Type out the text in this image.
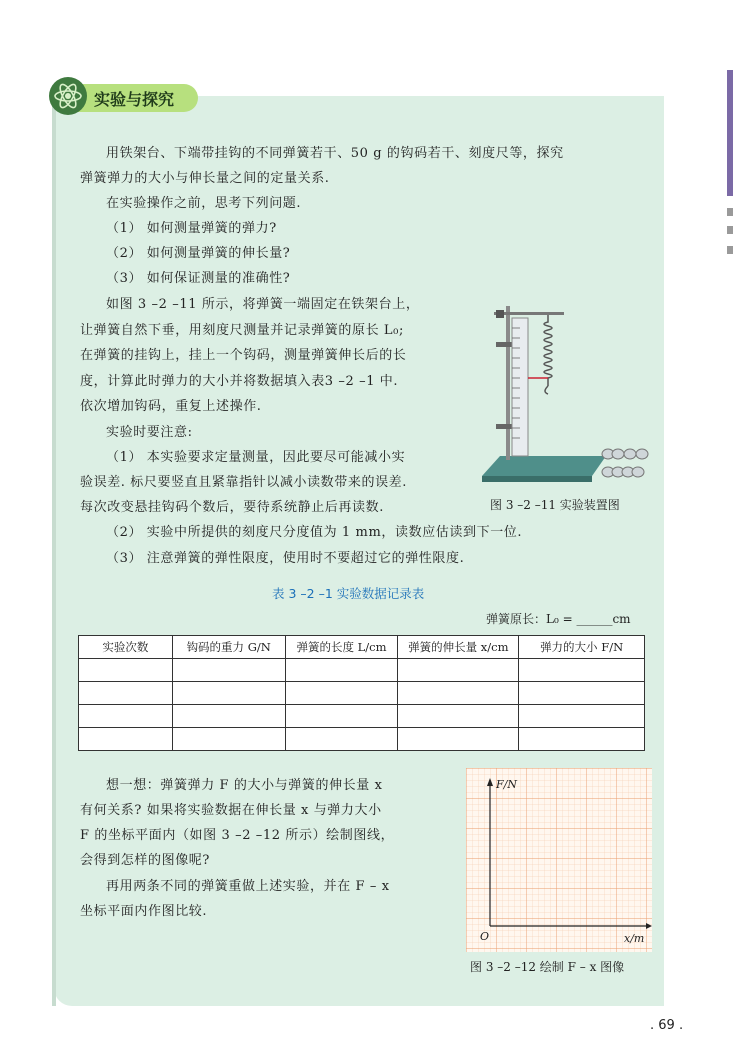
实验与探究

用铁架台、下端带挂钩的不同弹簧若干、50 g 的钩码若干、刻度尺等，探究

弹簧弹力的大小与伸长量之间的定量关系.

在实验操作之前，思考下列问题.

（1） 如何测量弹簧的弹力?

（2） 如何测量弹簧的伸长量?

（3） 如何保证测量的准确性?

如图 3 –2 –11 所示，将弹簧一端固定在铁架台上，

让弹簧自然下垂，用刻度尺测量并记录弹簧的原长 L₀;

在弹簧的挂钩上，挂上一个钩码，测量弹簧伸长后的长

度，计算此时弹力的大小并将数据填入表3 –2 –1 中.

依次增加钩码，重复上述操作.

实验时要注意:

（1） 本实验要求定量测量，因此要尽可能减小实

验误差. 标尺要竖直且紧靠指针以减小读数带来的误差.

每次改变悬挂钩码个数后，要待系统静止后再读数.

（2） 实验中所提供的刻度尺分度值为 1 mm，读数应估读到下一位.

（3） 注意弹簧的弹性限度，使用时不要超过它的弹性限度.

图 3 –2 –11 实验装置图
表 3 –2 –1 实验数据记录表
弹簧原长：L₀ = ______cm
实验次数	钩码的重力 G/N	弹簧的长度 L/cm	弹簧的伸长量 x/cm	弹力的大小 F/N

想一想：弹簧弹力 F 的大小与弹簧的伸长量 x

有何关系? 如果将实验数据在伸长量 x 与弹力大小

F 的坐标平面内（如图 3 –2 –12 所示）绘制图线，

会得到怎样的图像呢?

再用两条不同的弹簧重做上述实验，并在 F – x

坐标平面内作图比较.

F/N
x/m
O
图 3 –2 –12 绘制 F – x 图像
. 69 .
